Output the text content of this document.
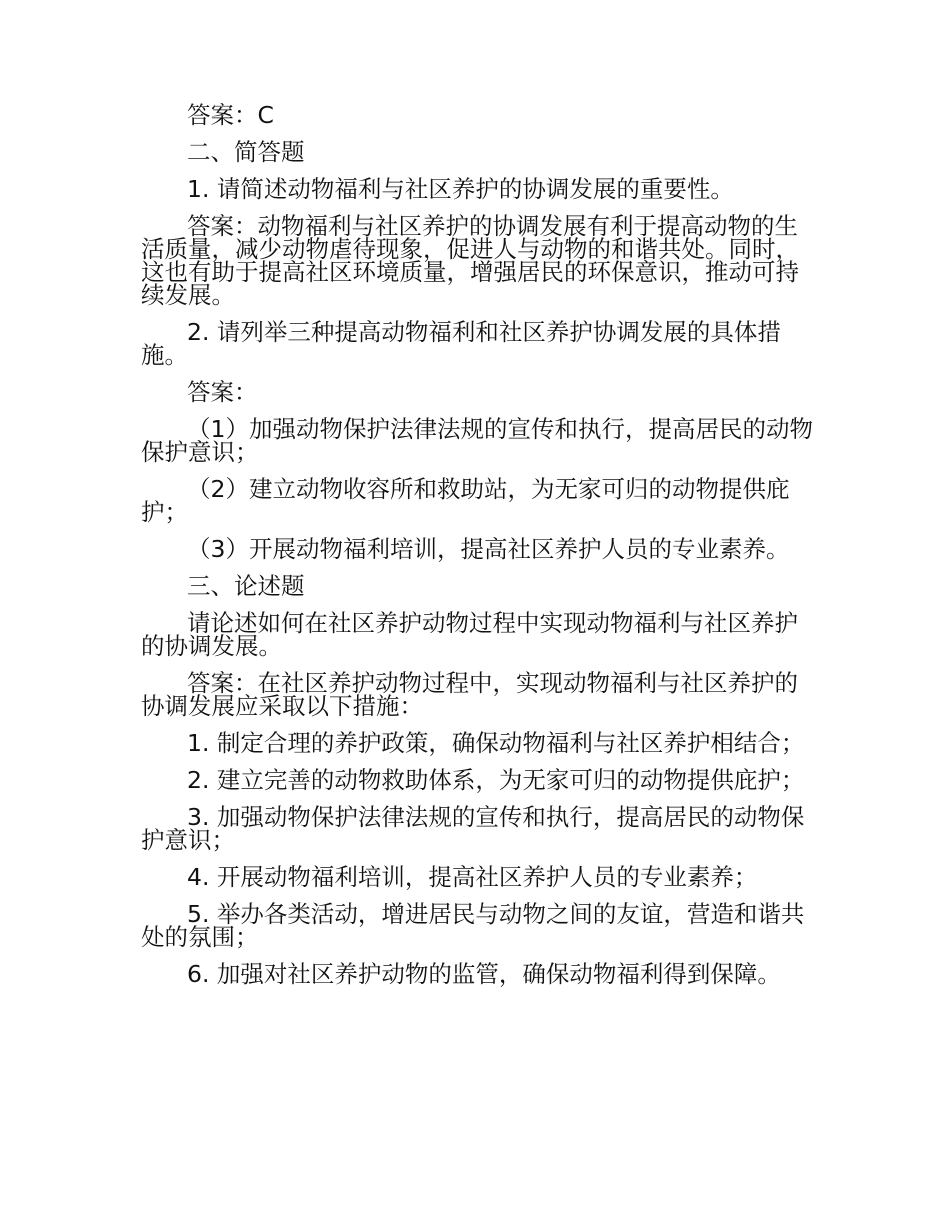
答案：C

二、简答题

1. 请简述动物福利与社区养护的协调发展的重要性。

答案：动物福利与社区养护的协调发展有利于提高动物的生活质量，减少动物虐待现象，促进人与动物的和谐共处。同时，这也有助于提高社区环境质量，增强居民的环保意识，推动可持续发展。

2. 请列举三种提高动物福利和社区养护协调发展的具体措施。

答案：

（1）加强动物保护法律法规的宣传和执行，提高居民的动物保护意识；

（2）建立动物收容所和救助站，为无家可归的动物提供庇护；

（3）开展动物福利培训，提高社区养护人员的专业素养。

三、论述题

请论述如何在社区养护动物过程中实现动物福利与社区养护的协调发展。

答案：在社区养护动物过程中，实现动物福利与社区养护的协调发展应采取以下措施：

1. 制定合理的养护政策，确保动物福利与社区养护相结合；

2. 建立完善的动物救助体系，为无家可归的动物提供庇护；

3. 加强动物保护法律法规的宣传和执行，提高居民的动物保护意识；

4. 开展动物福利培训，提高社区养护人员的专业素养；

5. 举办各类活动，增进居民与动物之间的友谊，营造和谐共处的氛围；

6. 加强对社区养护动物的监管，确保动物福利得到保障。
